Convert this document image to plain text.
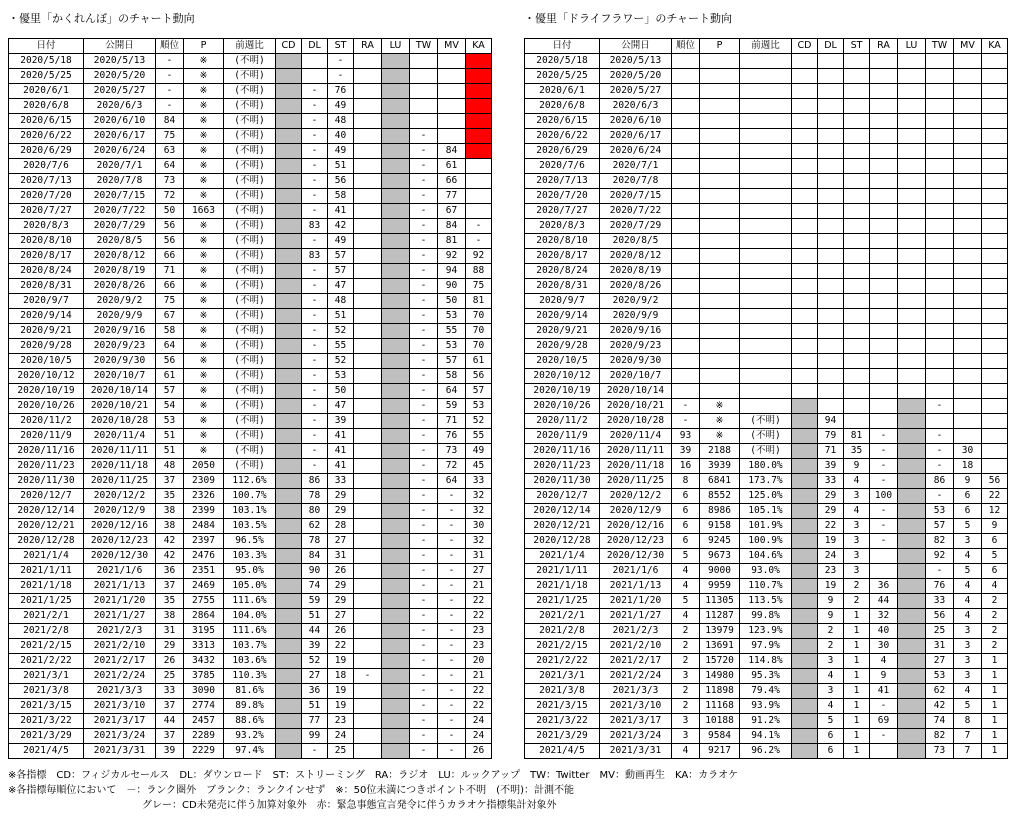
・優里「かくれんぼ」のチャート動向	・優里「ドライフラワー」のチャート動向
日付	公開日	順位	P	前週比	CD	DL	ST	RA	LU	TW	MV	KA
2020/5/18	2020/5/13	-	※	(不明)			-					
2020/5/25	2020/5/20	-	※	(不明)			-					
2020/6/1	2020/5/27	-	※	(不明)		-	76					
2020/6/8	2020/6/3	-	※	(不明)		-	49					
2020/6/15	2020/6/10	84	※	(不明)		-	48					
2020/6/22	2020/6/17	75	※	(不明)		-	40			-		
2020/6/29	2020/6/24	63	※	(不明)		-	49			-	84	
2020/7/6	2020/7/1	64	※	(不明)		-	51			-	61	
2020/7/13	2020/7/8	73	※	(不明)		-	56			-	66	
2020/7/20	2020/7/15	72	※	(不明)		-	58			-	77	
2020/7/27	2020/7/22	50	1663	(不明)		-	41			-	67	
2020/8/3	2020/7/29	56	※	(不明)		83	42			-	84	-
2020/8/10	2020/8/5	56	※	(不明)		-	49			-	81	-
2020/8/17	2020/8/12	66	※	(不明)		83	57			-	92	92
2020/8/24	2020/8/19	71	※	(不明)		-	57			-	94	88
2020/8/31	2020/8/26	66	※	(不明)		-	47			-	90	75
2020/9/7	2020/9/2	75	※	(不明)		-	48			-	50	81
2020/9/14	2020/9/9	67	※	(不明)		-	51			-	53	70
2020/9/21	2020/9/16	58	※	(不明)		-	52			-	55	70
2020/9/28	2020/9/23	64	※	(不明)		-	55			-	53	70
2020/10/5	2020/9/30	56	※	(不明)		-	52			-	57	61
2020/10/12	2020/10/7	61	※	(不明)		-	53			-	58	56
2020/10/19	2020/10/14	57	※	(不明)		-	50			-	64	57
2020/10/26	2020/10/21	54	※	(不明)		-	47			-	59	53
2020/11/2	2020/10/28	53	※	(不明)		-	39			-	71	52
2020/11/9	2020/11/4	51	※	(不明)		-	41			-	76	55
2020/11/16	2020/11/11	51	※	(不明)		-	41			-	73	49
2020/11/23	2020/11/18	48	2050	(不明)		-	41			-	72	45
2020/11/30	2020/11/25	37	2309	112.6%		86	33			-	64	33
2020/12/7	2020/12/2	35	2326	100.7%		78	29			-	-	32
2020/12/14	2020/12/9	38	2399	103.1%		80	29			-	-	32
2020/12/21	2020/12/16	38	2484	103.5%		62	28			-	-	30
2020/12/28	2020/12/23	42	2397	96.5%		78	27			-	-	32
2021/1/4	2020/12/30	42	2476	103.3%		84	31			-	-	31
2021/1/11	2021/1/6	36	2351	95.0%		90	26			-	-	27
2021/1/18	2021/1/13	37	2469	105.0%		74	29			-	-	21
2021/1/25	2021/1/20	35	2755	111.6%		59	29			-	-	22
2021/2/1	2021/1/27	38	2864	104.0%		51	27			-	-	22
2021/2/8	2021/2/3	31	3195	111.6%		44	26			-	-	23
2021/2/15	2021/2/10	29	3313	103.7%		39	22			-	-	23
2021/2/22	2021/2/17	26	3432	103.6%		52	19			-	-	20
2021/3/1	2021/2/24	25	3785	110.3%		27	18	-		-	-	21
2021/3/8	2021/3/3	33	3090	81.6%		36	19			-	-	22
2021/3/15	2021/3/10	37	2774	89.8%		51	19			-	-	22
2021/3/22	2021/3/17	44	2457	88.6%		77	23			-	-	24
2021/3/29	2021/3/24	37	2289	93.2%		99	24			-	-	24
2021/4/5	2021/3/31	39	2229	97.4%		-	25			-	-	26
日付	公開日	順位	P	前週比	CD	DL	ST	RA	LU	TW	MV	KA
2020/5/18	2020/5/13											
2020/5/25	2020/5/20											
2020/6/1	2020/5/27											
2020/6/8	2020/6/3											
2020/6/15	2020/6/10											
2020/6/22	2020/6/17											
2020/6/29	2020/6/24											
2020/7/6	2020/7/1											
2020/7/13	2020/7/8											
2020/7/20	2020/7/15											
2020/7/27	2020/7/22											
2020/8/3	2020/7/29											
2020/8/10	2020/8/5											
2020/8/17	2020/8/12											
2020/8/24	2020/8/19											
2020/8/31	2020/8/26											
2020/9/7	2020/9/2											
2020/9/14	2020/9/9											
2020/9/21	2020/9/16											
2020/9/28	2020/9/23											
2020/10/5	2020/9/30											
2020/10/12	2020/10/7											
2020/10/19	2020/10/14											
2020/10/26	2020/10/21	-	※							-		
2020/11/2	2020/10/28	-	※	(不明)		94						
2020/11/9	2020/11/4	93	※	(不明)		79	81	-		-		
2020/11/16	2020/11/11	39	2188	(不明)		71	35	-		-	30	
2020/11/23	2020/11/18	16	3939	180.0%		39	9	-		-	18	
2020/11/30	2020/11/25	8	6841	173.7%		33	4	-		86	9	56
2020/12/7	2020/12/2	6	8552	125.0%		29	3	100		-	6	22
2020/12/14	2020/12/9	6	8986	105.1%		29	4	-		53	6	12
2020/12/21	2020/12/16	6	9158	101.9%		22	3	-		57	5	9
2020/12/28	2020/12/23	6	9245	100.9%		19	3	-		82	3	6
2021/1/4	2020/12/30	5	9673	104.6%		24	3			92	4	5
2021/1/11	2021/1/6	4	9000	93.0%		23	3			-	5	6
2021/1/18	2021/1/13	4	9959	110.7%		19	2	36		76	4	4
2021/1/25	2021/1/20	5	11305	113.5%		9	2	44		33	4	2
2021/2/1	2021/1/27	4	11287	99.8%		9	1	32		56	4	2
2021/2/8	2021/2/3	2	13979	123.9%		2	1	40		25	3	2
2021/2/15	2021/2/10	2	13691	97.9%		2	1	30		31	3	2
2021/2/22	2021/2/17	2	15720	114.8%		3	1	4		27	3	1
2021/3/1	2021/2/24	3	14980	95.3%		4	1	9		53	3	1
2021/3/8	2021/3/3	2	11898	79.4%		3	1	41		62	4	1
2021/3/15	2021/3/10	2	11168	93.9%		4	1	-		42	5	1
2021/3/22	2021/3/17	3	10188	91.2%		5	1	69		74	8	1
2021/3/29	2021/3/24	3	9584	94.1%		6	1	-		82	7	1
2021/4/5	2021/3/31	4	9217	96.2%		6	1			73	7	1
※各指標　CD：フィジカルセールス　DL：ダウンロード　ST：ストリーミング　RA：ラジオ　LU：ルックアップ　TW：Twitter　MV：動画再生　KA：カラオケ
※各指標毎順位において　－：ランク圏外　ブランク：ランクインせず　※：50位未満につきポイント不明　(不明)：計測不能
グレー：CD未発売に伴う加算対象外　赤：緊急事態宣言発令に伴うカラオケ指標集計対象外
